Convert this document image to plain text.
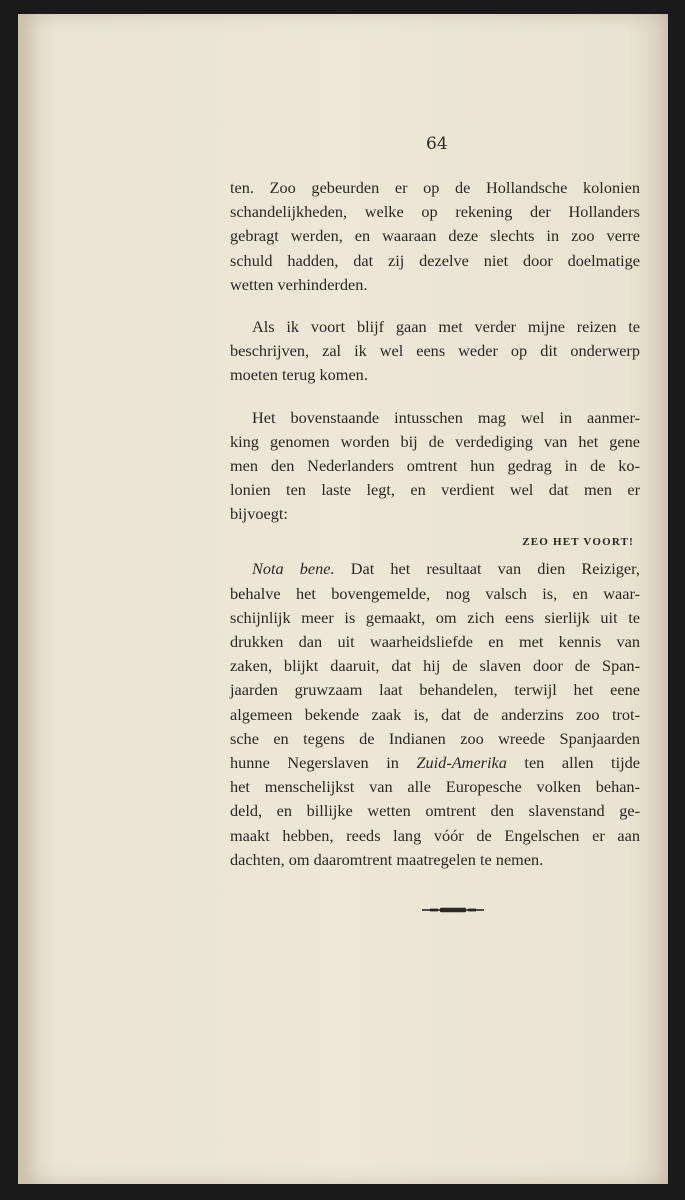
64
ten. Zoo gebeurden er op de Hollandsche kolonien
schandelijkheden, welke op rekening der Hollanders
gebragt werden, en waaraan deze slechts in zoo verre
schuld hadden, dat zij dezelve niet door doelmatige
wetten verhinderden.
Als ik voort blijf gaan met verder mijne reizen te
beschrijven, zal ik wel eens weder op dit onderwerp
moeten terug komen.
Het bovenstaande intusschen mag wel in aanmer-
king genomen worden bij de verdediging van het gene
men den Nederlanders omtrent hun gedrag in de ko-
lonien ten laste legt, en verdient wel dat men er
bijvoegt:
ZEO HET VOORT!
Nota bene. Dat het resultaat van dien Reiziger,
behalve het bovengemelde, nog valsch is, en waar-
schijnlijk meer is gemaakt, om zich eens sierlijk uit te
drukken dan uit waarheidsliefde en met kennis van
zaken, blijkt daaruit, dat hij de slaven door de Span-
jaarden gruwzaam laat behandelen, terwijl het eene
algemeen bekende zaak is, dat de anderzins zoo trot-
sche en tegens de Indianen zoo wreede Spanjaarden
hunne Negerslaven in Zuid-Amerika ten allen tijde
het menschelijkst van alle Europesche volken behan-
deld, en billijke wetten omtrent den slavenstand ge-
maakt hebben, reeds lang vóór de Engelschen er aan
dachten, om daaromtrent maatregelen te nemen.
